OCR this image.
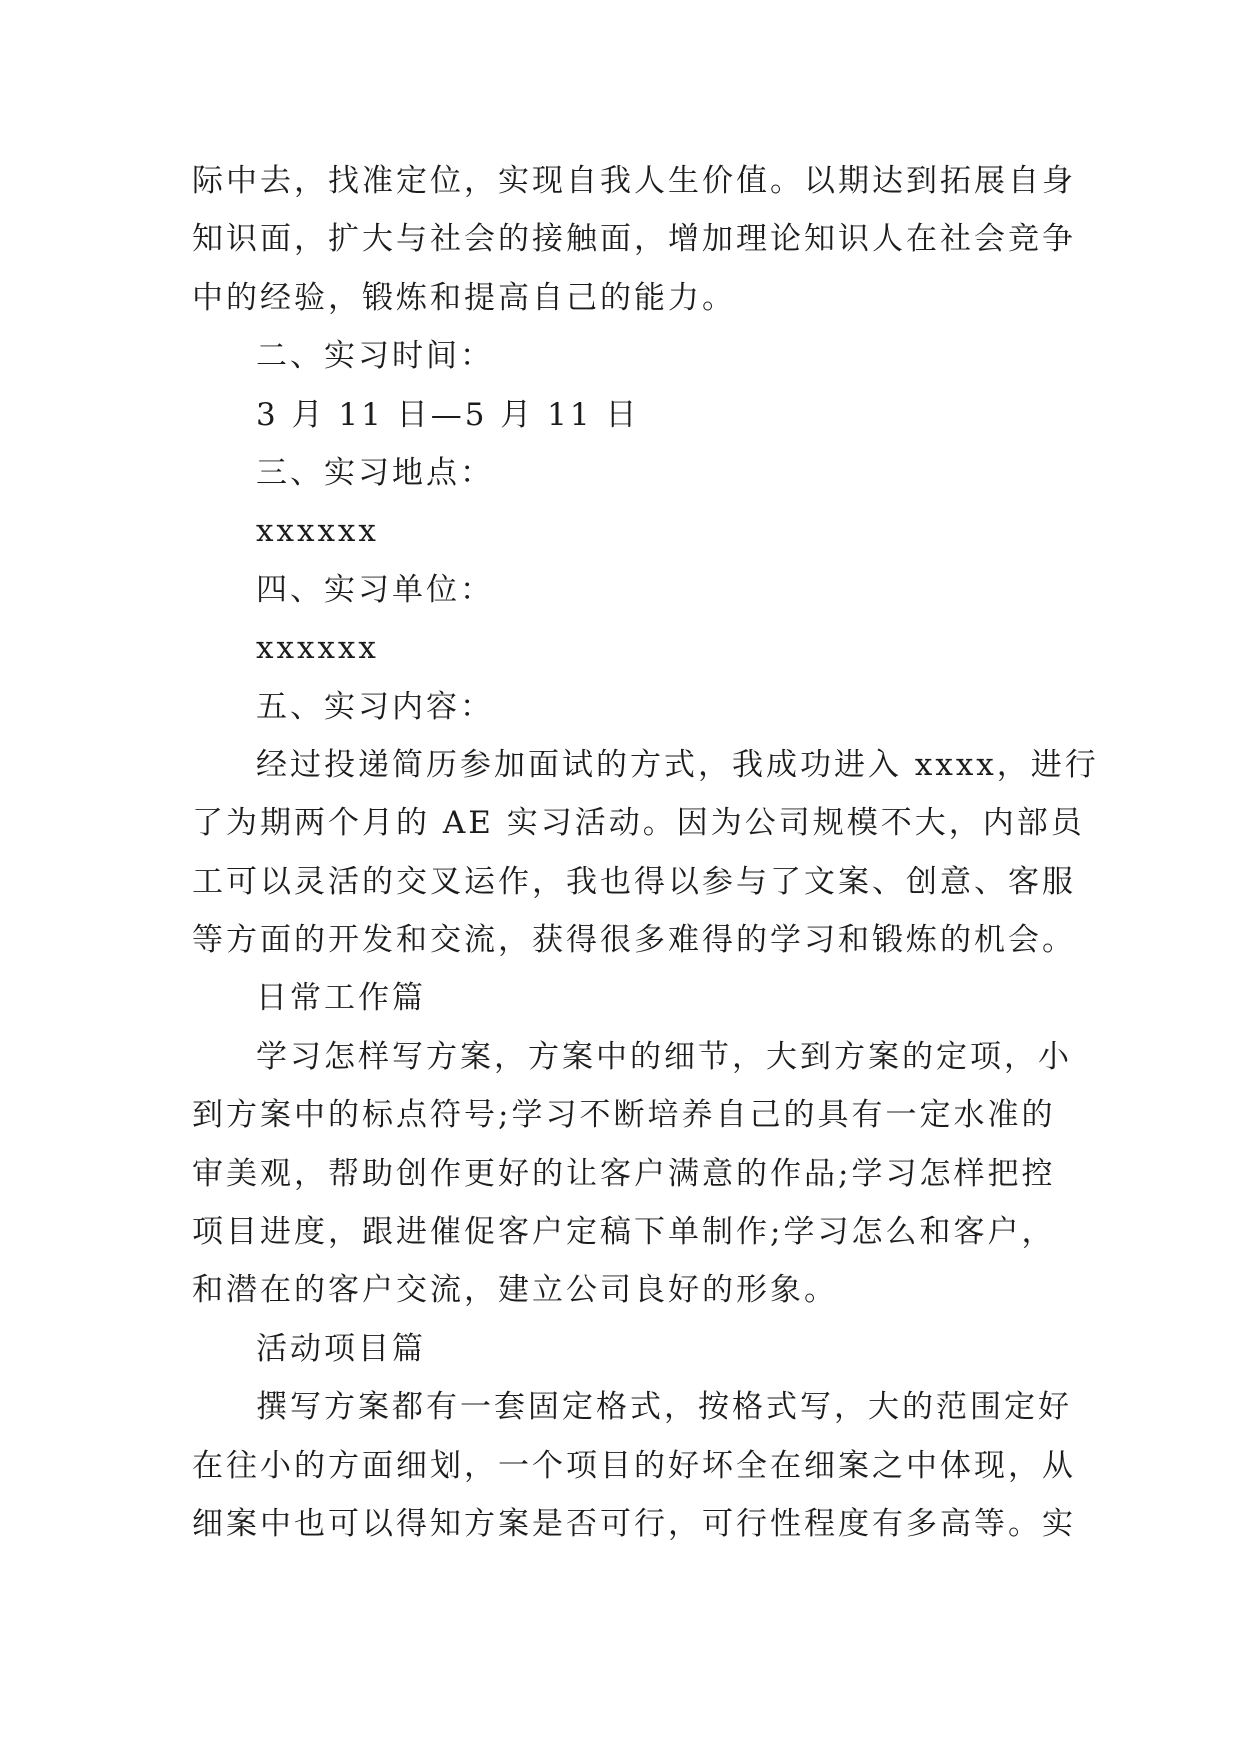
际中去，找准定位，实现自我人生价值。以期达到拓展自身
知识面，扩大与社会的接触面，增加理论知识人在社会竞争
中的经验，锻炼和提高自己的能力。
二、实习时间：
3 月 11 日—5 月 11 日
三、实习地点：
xxxxxx
四、实习单位：
xxxxxx
五、实习内容：
经过投递简历参加面试的方式，我成功进入 xxxx，进行
了为期两个月的 AE 实习活动。因为公司规模不大，内部员
工可以灵活的交叉运作，我也得以参与了文案、创意、客服
等方面的开发和交流，获得很多难得的学习和锻炼的机会。
日常工作篇
学习怎样写方案，方案中的细节，大到方案的定项，小
到方案中的标点符号;学习不断培养自己的具有一定水准的
审美观，帮助创作更好的让客户满意的作品;学习怎样把控
项目进度，跟进催促客户定稿下单制作;学习怎么和客户，
和潜在的客户交流，建立公司良好的形象。
活动项目篇
撰写方案都有一套固定格式，按格式写，大的范围定好
在往小的方面细划，一个项目的好坏全在细案之中体现，从
细案中也可以得知方案是否可行，可行性程度有多高等。实
